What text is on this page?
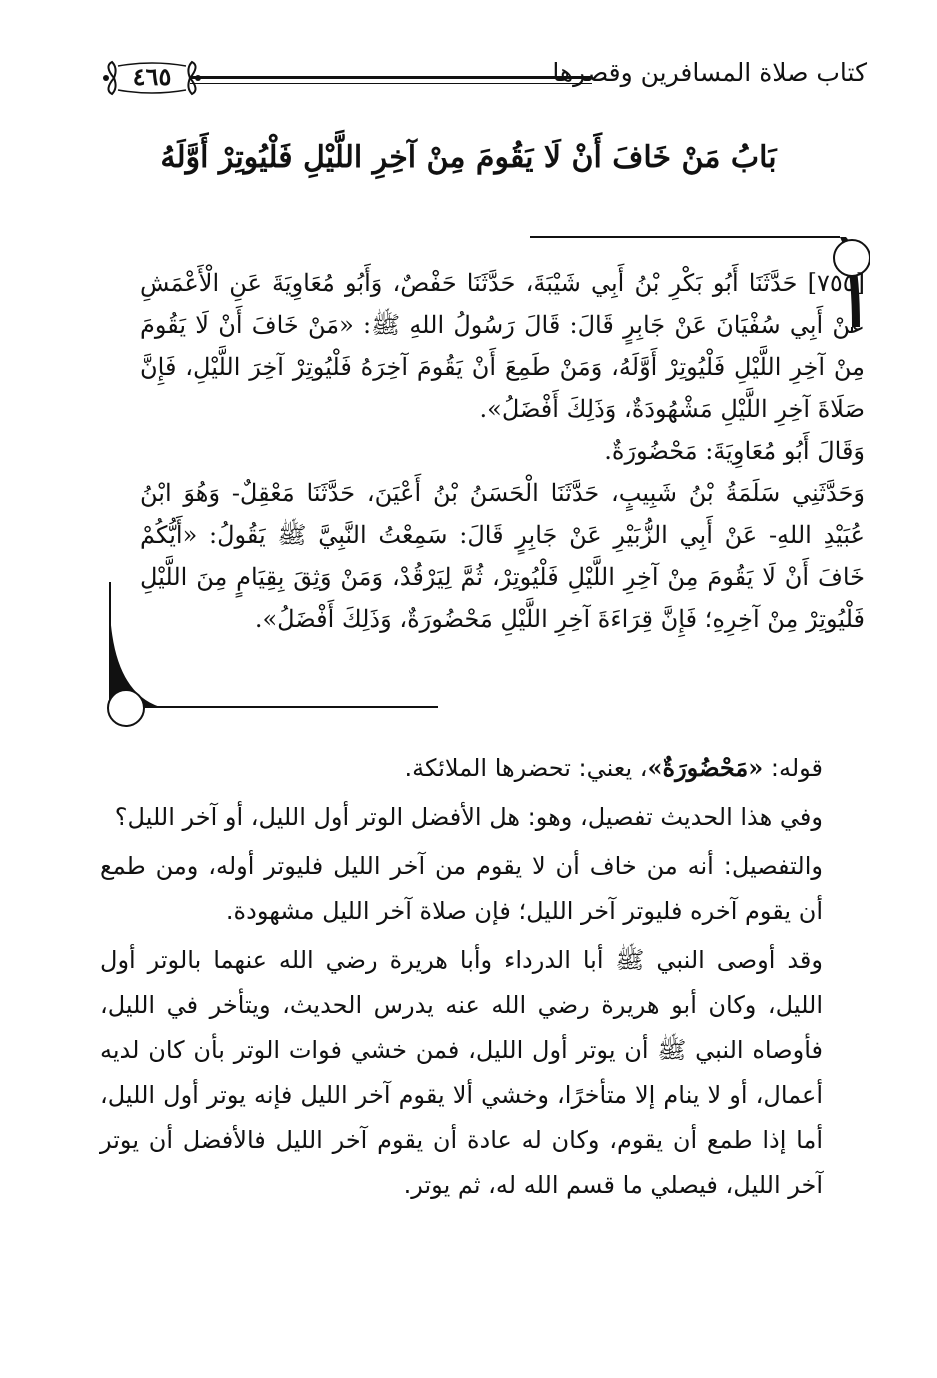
كتاب صلاة المسافرين وقصرها
٤٦٥
بَابُ مَنْ خَافَ أَنْ لَا يَقُومَ مِنْ آخِرِ اللَّيْلِ فَلْيُوتِرْ أَوَّلَهُ

[٧٥٥] حَدَّثَنَا أَبُو بَكْرِ بْنُ أَبِي شَيْبَةَ، حَدَّثَنَا حَفْصٌ، وَأَبُو مُعَاوِيَةَ عَنِ الْأَعْمَشِ عَنْ أَبِي سُفْيَانَ عَنْ جَابِرٍ قَالَ: قَالَ رَسُولُ اللهِ ﷺ: «مَنْ خَافَ أَنْ لَا يَقُومَ مِنْ آخِرِ اللَّيْلِ فَلْيُوتِرْ أَوَّلَهُ، وَمَنْ طَمِعَ أَنْ يَقُومَ آخِرَهُ فَلْيُوتِرْ آخِرَ اللَّيْلِ، فَإِنَّ صَلَاةَ آخِرِ اللَّيْلِ مَشْهُودَةٌ، وَذَلِكَ أَفْضَلُ».

وَقَالَ أَبُو مُعَاوِيَةَ: مَحْضُورَةٌ.

وَحَدَّثَنِي سَلَمَةُ بْنُ شَبِيبٍ، حَدَّثَنَا الْحَسَنُ بْنُ أَعْيَنَ، حَدَّثَنَا مَعْقِلٌ- وَهُوَ ابْنُ عُبَيْدِ اللهِ- عَنْ أَبِي الزُّبَيْرِ عَنْ جَابِرٍ قَالَ: سَمِعْتُ النَّبِيَّ ﷺ يَقُولُ: «أَيُّكُمْ خَافَ أَنْ لَا يَقُومَ مِنْ آخِرِ اللَّيْلِ فَلْيُوتِرْ، ثُمَّ لِيَرْقُدْ، وَمَنْ وَثِقَ بِقِيَامٍ مِنَ اللَّيْلِ فَلْيُوتِرْ مِنْ آخِرِهِ؛ فَإِنَّ قِرَاءَةَ آخِرِ اللَّيْلِ مَحْضُورَةٌ، وَذَلِكَ أَفْضَلُ».

قوله: «مَحْضُورَةٌ»، يعني: تحضرها الملائكة.

وفي هذا الحديث تفصيل، وهو: هل الأفضل الوتر أول الليل، أو آخر الليل؟

والتفصيل: أنه من خاف أن لا يقوم من آخر الليل فليوتر أوله، ومن طمع أن يقوم آخره فليوتر آخر الليل؛ فإن صلاة آخر الليل مشهودة.

وقد أوصى النبي ﷺ أبا الدرداء وأبا هريرة رضي الله عنهما بالوتر أول الليل، وكان أبو هريرة رضي الله عنه يدرس الحديث، ويتأخر في الليل، فأوصاه النبي ﷺ أن يوتر أول الليل، فمن خشي فوات الوتر بأن كان لديه أعمال، أو لا ينام إلا متأخرًا، وخشي ألا يقوم آخر الليل فإنه يوتر أول الليل، أما إذا طمع أن يقوم، وكان له عادة أن يقوم آخر الليل فالأفضل أن يوتر آخر الليل، فيصلي ما قسم الله له، ثم يوتر.
